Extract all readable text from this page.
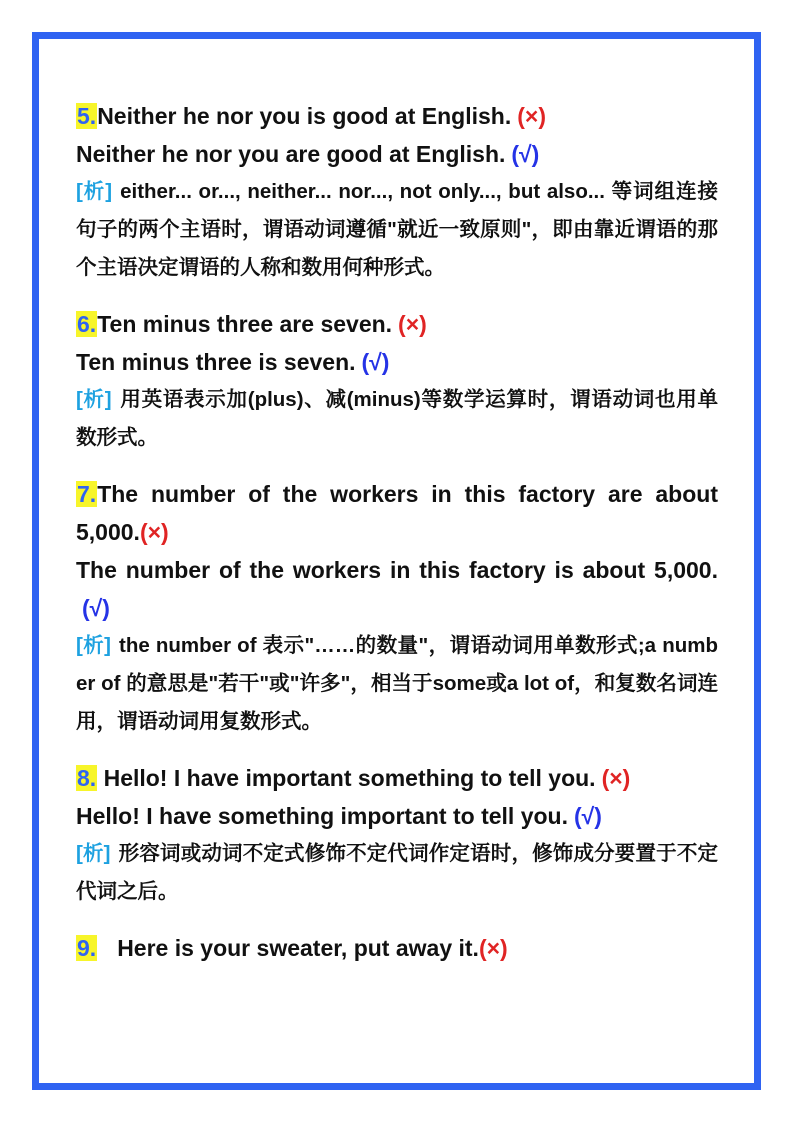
5.Neither he nor you is good at English. (×)
Neither he nor you are good at English. (√)
[析] either... or..., neither... nor..., not only..., but also... 等词组连接句子的两个主语时，谓语动词遵循"就近一致原则"，即由靠近谓语的那个主语决定谓语的人称和数用何种形式。
6.Ten minus three are seven. (×)
Ten minus three is seven. (√)
[析] 用英语表示加(plus)、减(minus)等数学运算时，谓语动词也用单数形式。
7.The number of the workers in this factory are about 5,000.(×)
The number of the workers in this factory is about 5,000.(√)
[析] the number of 表示"……的数量"，谓语动词用单数形式;a number of 的意思是"若干"或"许多"，相当于some或a lot of，和复数名词连用，谓语动词用复数形式。
8. Hello! I have important something to tell you. (×)
Hello! I have something important to tell you. (√)
[析] 形容词或动词不定式修饰不定代词作定语时，修饰成分要置于不定代词之后。
9. Here is your sweater, put away it.(×)
